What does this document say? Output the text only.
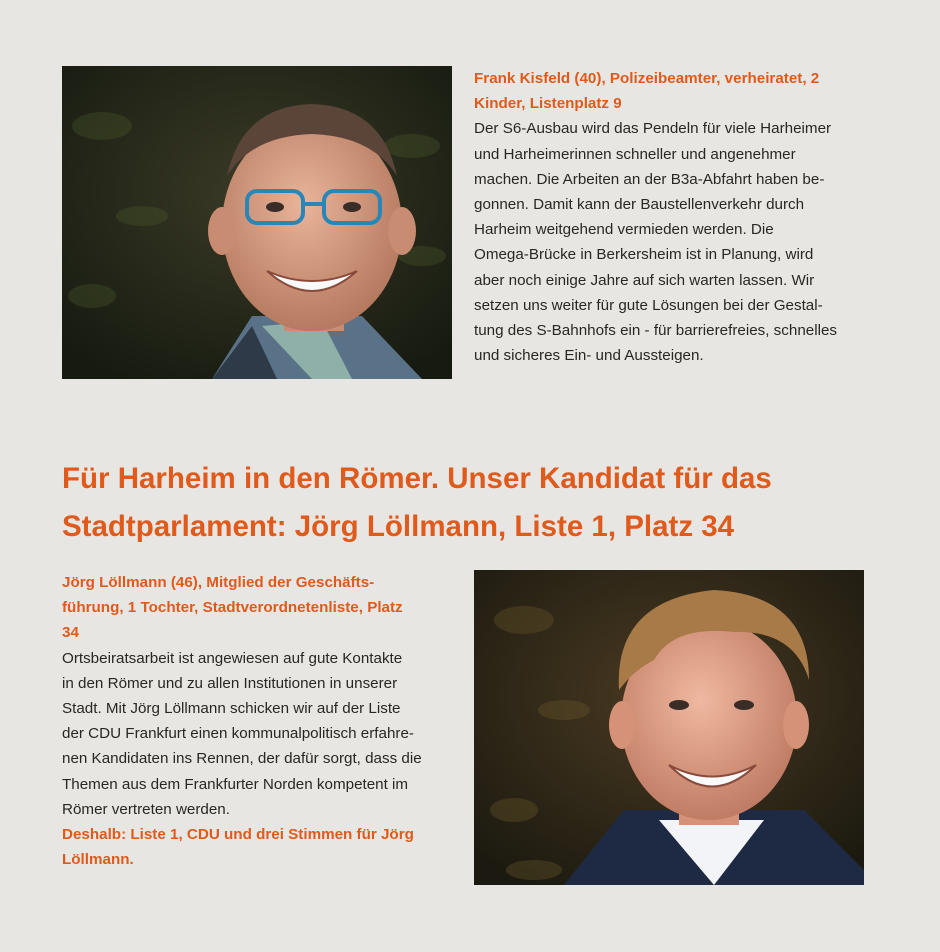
Frank Kisfeld (40), Polizeibeamter, verheiratet, 2
Kinder, Listenplatz 9
Der S6-Ausbau wird das Pendeln für viele Harheimer
und Harheimerinnen schneller und angenehmer
machen. Die Arbeiten an der B3a-Abfahrt haben be-
gonnen. Damit kann der Baustellenverkehr durch
Harheim weitgehend vermieden werden. Die
Omega-Brücke in Berkersheim ist in Planung, wird
aber noch einige Jahre auf sich warten lassen. Wir
setzen uns weiter für gute Lösungen bei der Gestal-
tung des S-Bahnhofs ein - für barrierefreies, schnelles
und sicheres Ein- und Aussteigen.
Für Harheim in den Römer. Unser Kandidat für das
Stadtparlament: Jörg Löllmann, Liste 1, Platz 34
Jörg Löllmann (46), Mitglied der Geschäfts-
führung, 1 Tochter, Stadtverordnetenliste, Platz
34
Ortsbeiratsarbeit ist angewiesen auf gute Kontakte
in den Römer und zu allen Institutionen in unserer
Stadt. Mit Jörg Löllmann schicken wir auf der Liste
der CDU Frankfurt einen kommunalpolitisch erfahre-
nen Kandidaten ins Rennen, der dafür sorgt, dass die
Themen aus dem Frankfurter Norden kompetent im
Römer vertreten werden.
Deshalb: Liste 1, CDU und drei Stimmen für Jörg
Löllmann.
